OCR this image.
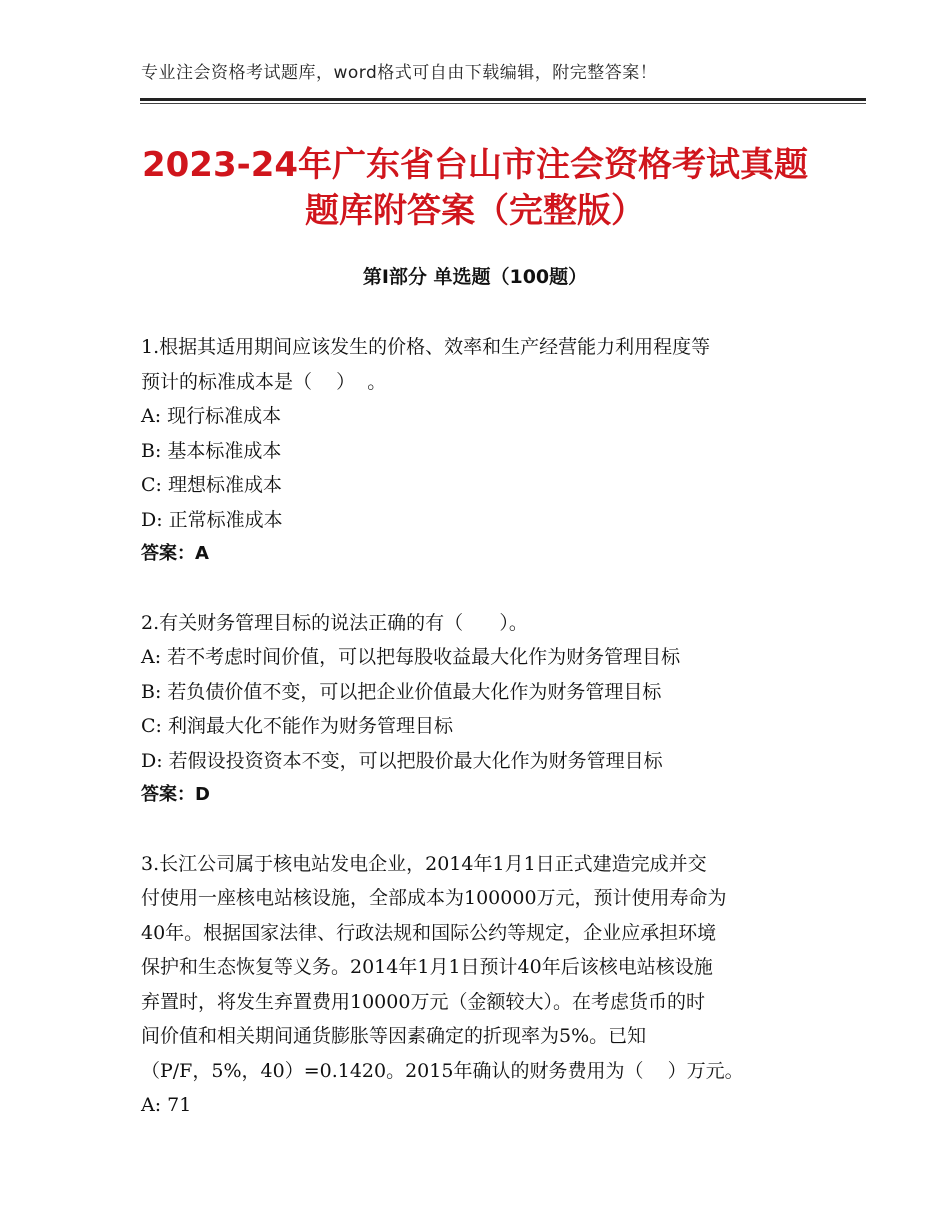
专业注会资格考试题库，word格式可自由下载编辑，附完整答案！
2023-24年广东省台山市注会资格考试真题
题库附答案（完整版）
第Ⅰ部分 单选题（100题）
1.根据其适用期间应该发生的价格、效率和生产经营能力利用程度等
预计的标准成本是（    ）  。
A: 现行标准成本
B: 基本标准成本
C: 理想标准成本
D: 正常标准成本
答案：A
2.有关财务管理目标的说法正确的有（      ）。
A: 若不考虑时间价值，可以把每股收益最大化作为财务管理目标
B: 若负债价值不变，可以把企业价值最大化作为财务管理目标
C: 利润最大化不能作为财务管理目标
D: 若假设投资资本不变，可以把股价最大化作为财务管理目标
答案：D
3.长江公司属于核电站发电企业，2014年1月1日正式建造完成并交
付使用一座核电站核设施，全部成本为100000万元，预计使用寿命为
40年。根据国家法律、行政法规和国际公约等规定，企业应承担环境
保护和生态恢复等义务。2014年1月1日预计40年后该核电站核设施
弃置时，将发生弃置费用10000万元（金额较大）。在考虑货币的时
间价值和相关期间通货膨胀等因素确定的折现率为5%。已知
（P/F，5%，40）=0.1420。2015年确认的财务费用为（    ）万元。
A: 71
